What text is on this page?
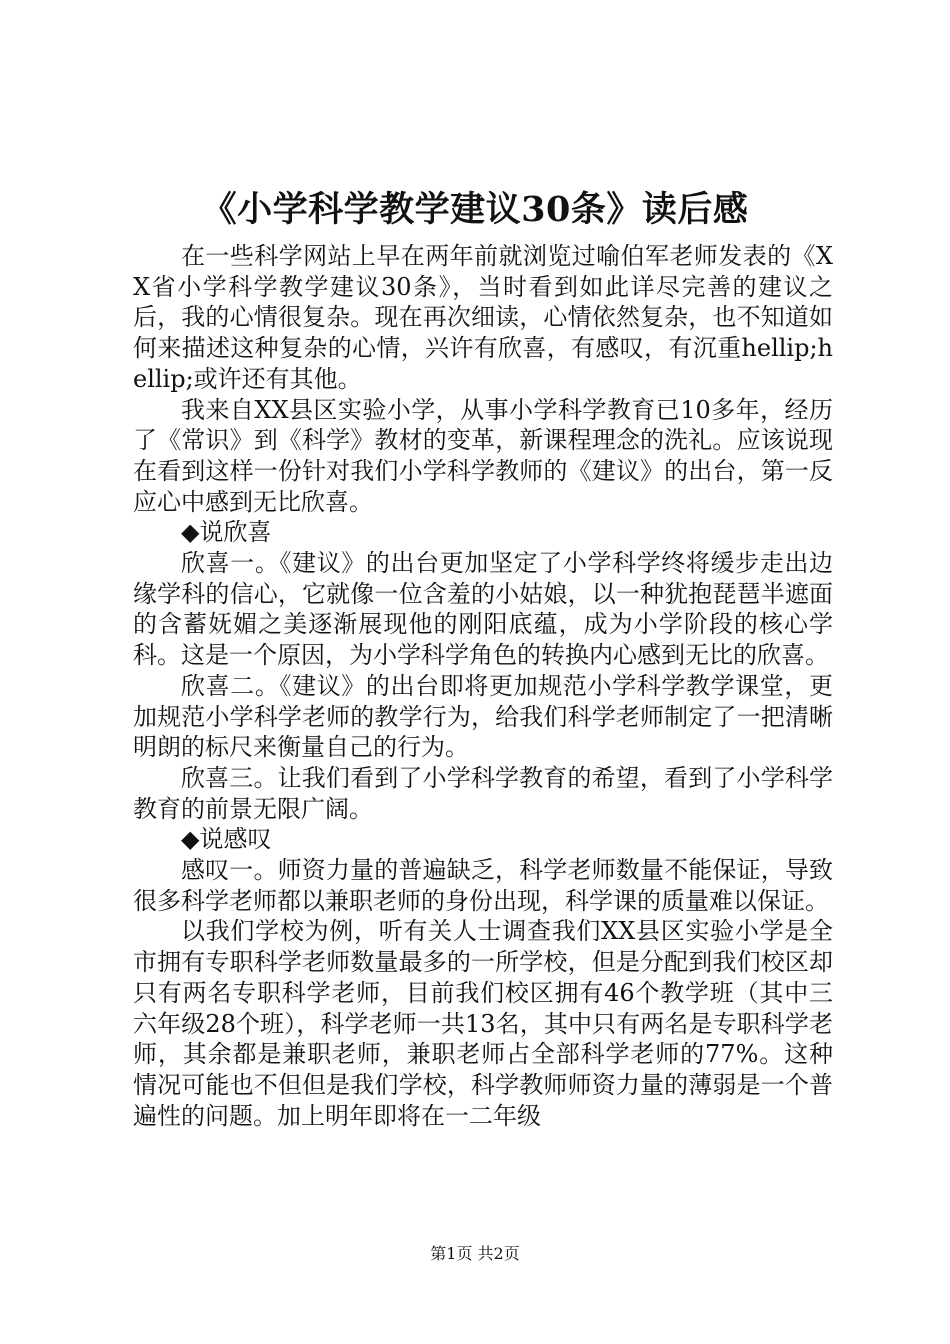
《小学科学教学建议30条》读后感

在一些科学网站上早在两年前就浏览过喻伯军老师发表的《XX省小学科学教学建议30条》，当时看到如此详尽完善的建议之后，我的心情很复杂。现在再次细读，心情依然复杂，也不知道如何来描述这种复杂的心情，兴许有欣喜，有感叹，有沉重hellip;hellip;或许还有其他。

我来自XX县区实验小学，从事小学科学教育已10多年，经历了《常识》到《科学》教材的变革，新课程理念的洗礼。应该说现在看到这样一份针对我们小学科学教师的《建议》的出台，第一反应心中感到无比欣喜。

◆说欣喜

欣喜一。《建议》的出台更加坚定了小学科学终将缓步走出边缘学科的信心，它就像一位含羞的小姑娘，以一种犹抱琵琶半遮面的含蓄妩媚之美逐渐展现他的刚阳底蕴，成为小学阶段的核心学科。这是一个原因，为小学科学角色的转换内心感到无比的欣喜。

欣喜二。《建议》的出台即将更加规范小学科学教学课堂，更加规范小学科学老师的教学行为，给我们科学老师制定了一把清晰明朗的标尺来衡量自己的行为。

欣喜三。让我们看到了小学科学教育的希望，看到了小学科学教育的前景无限广阔。

◆说感叹

感叹一。师资力量的普遍缺乏，科学老师数量不能保证，导致很多科学老师都以兼职老师的身份出现，科学课的质量难以保证。

以我们学校为例，听有关人士调查我们XX县区实验小学是全市拥有专职科学老师数量最多的一所学校，但是分配到我们校区却只有两名专职科学老师，目前我们校区拥有46个教学班（其中三六年级28个班），科学老师一共13名，其中只有两名是专职科学老师，其余都是兼职老师，兼职老师占全部科学老师的77%。这种情况可能也不但但是我们学校，科学教师师资力量的薄弱是一个普遍性的问题。加上明年即将在一二年级

第1页 共2页
